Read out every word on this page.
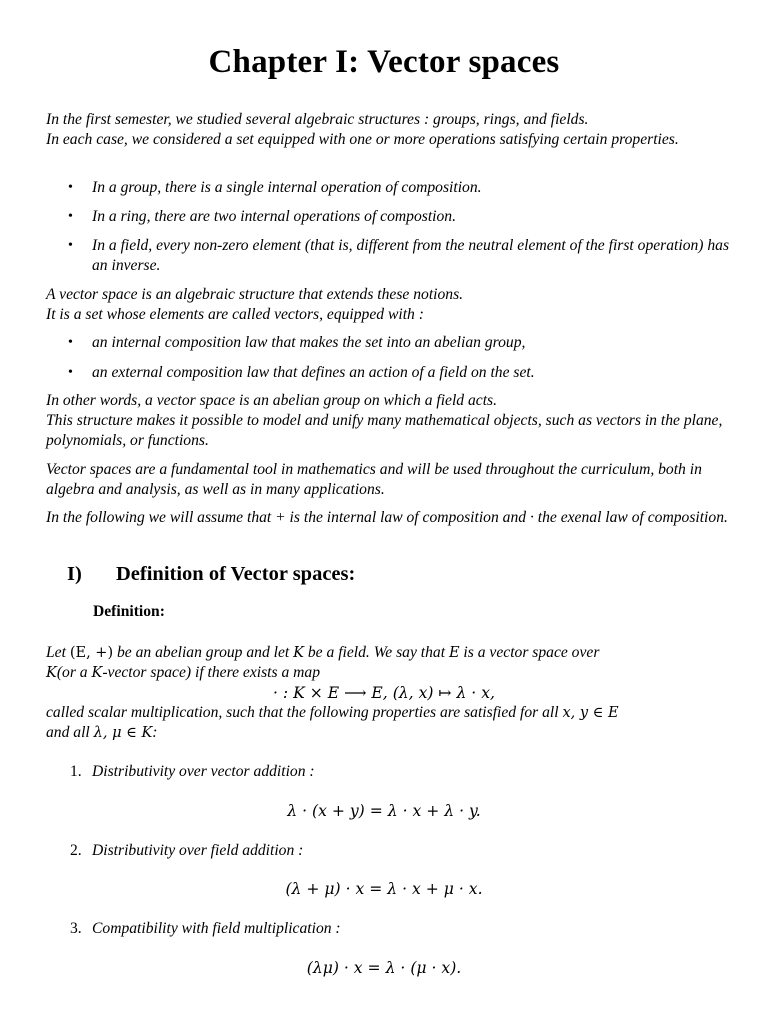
Chapter I: Vector spaces

In the first semester, we studied several algebraic structures : groups, rings, and fields.

In each case, we considered a set equipped with one or more operations satisfying certain properties.

• In a group, there is a single internal operation of composition.

• In a ring, there are two internal operations of compostion.

• In a field, every non-zero element (that is, different from the neutral element of the first operation) has an inverse.

A vector space is an algebraic structure that extends these notions.

It is a set whose elements are called vectors, equipped with :

• an internal composition law that makes the set into an abelian group,

• an external composition law that defines an action of a field on the set.

In other words, a vector space is an abelian group on which a field acts.

This structure makes it possible to model and unify many mathematical objects, such as vectors in the plane, polynomials, or functions.

Vector spaces are a fundamental tool in mathematics and will be used throughout the curriculum, both in algebra and analysis, as well as in many applications.

In the following we will assume that + is the internal law of composition and · the exenal law of composition.

I) Definition of Vector spaces:

Definition:

Let (E, +) be an abelian group and let K be a field. We say that E is a vector space over

K(or a K-vector space) if there exists a map

· : K × E ⟶ E, (λ, x) ↦ λ · x,

called scalar multiplication, such that the following properties are satisfied for all x, y ∈ E

and all λ, μ ∈ K:

1. Distributivity over vector addition :

λ · (x + y) = λ · x + λ · y.

2. Distributivity over field addition :

(λ + μ) · x = λ · x + μ · x.

3. Compatibility with field multiplication :

(λμ) · x = λ · (μ · x).
